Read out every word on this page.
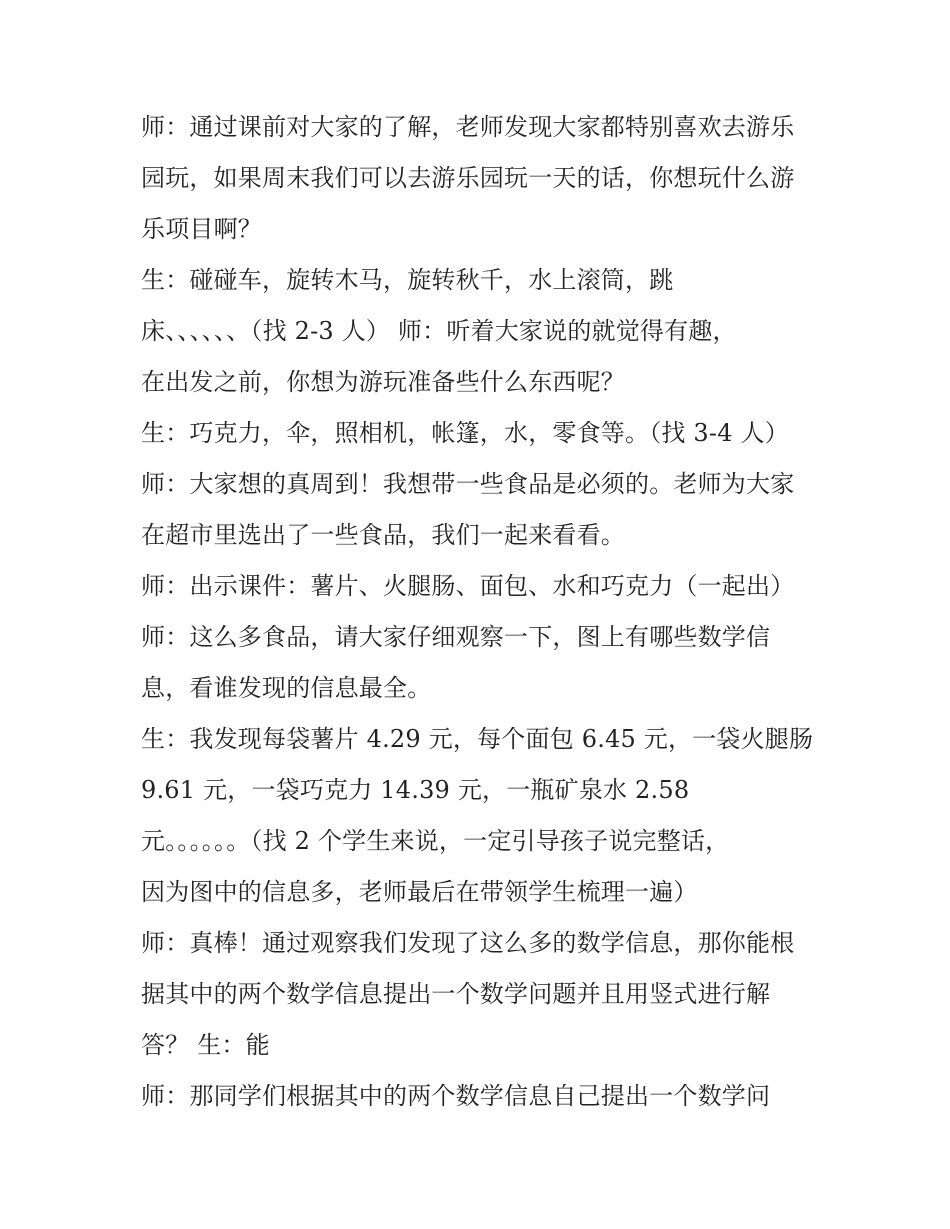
师：通过课前对大家的了解，老师发现大家都特别喜欢去游乐
园玩，如果周末我们可以去游乐园玩一天的话，你想玩什么游
乐项目啊？
生：碰碰车，旋转木马，旋转秋千，水上滚筒，跳
床、、、、、、（找 2-3 人） 师：听着大家说的就觉得有趣，
在出发之前，你想为游玩准备些什么东西呢？
生：巧克力，伞，照相机，帐篷，水，零食等。（找 3-4 人）
师：大家想的真周到！我想带一些食品是必须的。老师为大家
在超市里选出了一些食品，我们一起来看看。
师：出示课件：薯片、火腿肠、面包、水和巧克力（一起出）
师：这么多食品，请大家仔细观察一下，图上有哪些数学信
息，看谁发现的信息最全。
生：我发现每袋薯片 4.29 元，每个面包 6.45 元，一袋火腿肠
9.61 元，一袋巧克力 14.39 元，一瓶矿泉水 2.58
元。。。。。。（找 2 个学生来说，一定引导孩子说完整话，
因为图中的信息多，老师最后在带领学生梳理一遍）
师：真棒！通过观察我们发现了这么多的数学信息，那你能根
据其中的两个数学信息提出一个数学问题并且用竖式进行解
答？ 生：能
师：那同学们根据其中的两个数学信息自己提出一个数学问
